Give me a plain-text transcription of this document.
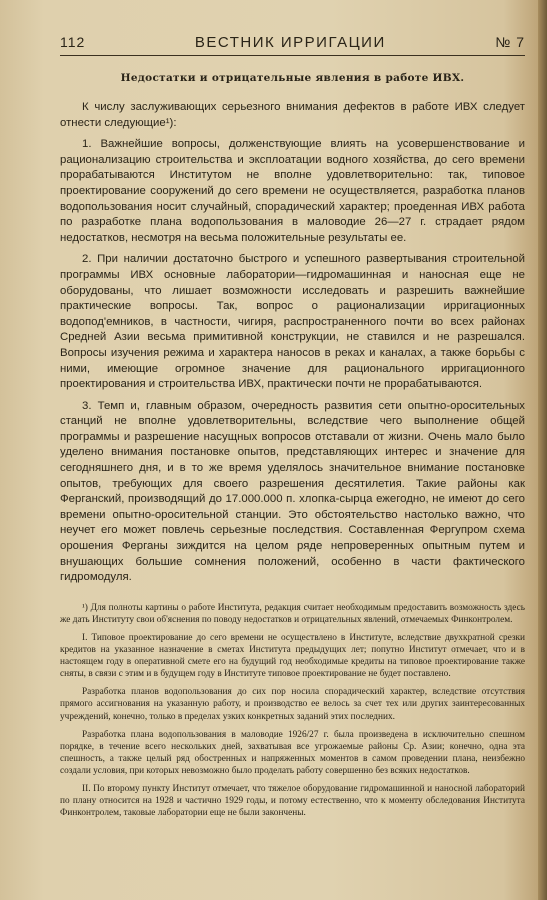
112	ВЕСТНИК ИРРИГАЦИИ	№ 7
Недостатки и отрицательные явления в работе ИВХ.

К числу заслуживающих серьезного внимания дефектов в работе ИВХ следует отнести следующие¹):

1. Важнейшие вопросы, долженствующие влиять на усовершенствование и рационализацию строительства и эксплоатации водного хозяйства, до сего времени прорабатываются Институтом не вполне удовлетворительно: так, типовое проектирование сооружений до сего времени не осуществляется, разработка планов водопользования носит случайный, спорадический характер; проеденная ИВХ работа по разработке плана водопользования в маловодие 26—27 г. страдает рядом недостатков, несмотря на весьма положительные результаты ее.

2. При наличии достаточно быстрого и успешного развертывания строительной программы ИВХ основные лаборатории—гидромашинная и наносная еще не оборудованы, что лишает возможности исследовать и разрешить важнейшие практические вопросы. Так, вопрос о рационализации ирригационных водопод'емников, в частности, чигиря, распространенного почти во всех районах Средней Азии весьма примитивной конструкции, не ставился и не разрешался. Вопросы изучения режима и характера наносов в реках и каналах, а также борьбы с ними, имеющие огромное значение для рационального ирригационного проектирования и строительства ИВХ, практически почти не прорабатываются.

3. Темп и, главным образом, очередность развития сети опытно-оросительных станций не вполне удовлетворительны, вследствие чего выполнение общей программы и разрешение насущных вопросов отставали от жизни. Очень мало было уделено внимания постановке опытов, представляющих интерес и значение для сегодняшнего дня, и в то же время уделялось значительное внимание постановке опытов, требующих для своего разрешения десятилетия. Такие районы как Ферганский, производящий до 17.000.000 п. хлопка-сырца ежегодно, не имеют до сего времени опытно-оросительной станции. Это обстоятельство настолько важно, что неучет его может повлечь серьезные последствия. Составленная Фергупром схема орошения Ферганы зиждится на целом ряде непроверенных опытным путем и внушающих большие сомнения положений, особенно в части фактического гидромодуля.

¹) Для полноты картины о работе Института, редакция считает необходимым предоставить возможность здесь же дать Институту свои об'яснения по поводу недостатков и отрицательных явлений, отмечаемых Финконтролем.

I. Типовое проектирование до сего времени не осуществлено в Институте, вследствие двухкратной срезки кредитов на указанное назначение в сметах Института предыдущих лет; попутно Институт отмечает, что и в настоящем году в оперативной смете его на будущий год необходимые кредиты на типовое проектирование также сняты, в связи с этим и в будущем году в Институте типовое проектирование не будет поставлено.

Разработка планов водопользования до сих пор носила спорадический характер, вследствие отсутствия прямого ассигнования на указанную работу, и производство ее велось за счет тех или других заинтересованных учреждений, конечно, только в пределах узких конкретных заданий этих последних.

Разработка плана водопользования в маловодие 1926/27 г. была произведена в исключительно спешном порядке, в течение всего нескольких дней, захватывая все угрожаемые районы Ср. Азии; конечно, одна эта спешность, а также целый ряд обостренных и напряженных моментов в самом проведении плана, неизбежно создали условия, при которых невозможно было проделать работу совершенно без всяких недостатков.

II. По второму пункту Институт отмечает, что тяжелое оборудование гидромашинной и наносной лабораторий по плану относится на 1928 и частично 1929 годы, и потому естественно, что к моменту обследования Института Финконтролем, таковые лаборатории еще не были закончены.
